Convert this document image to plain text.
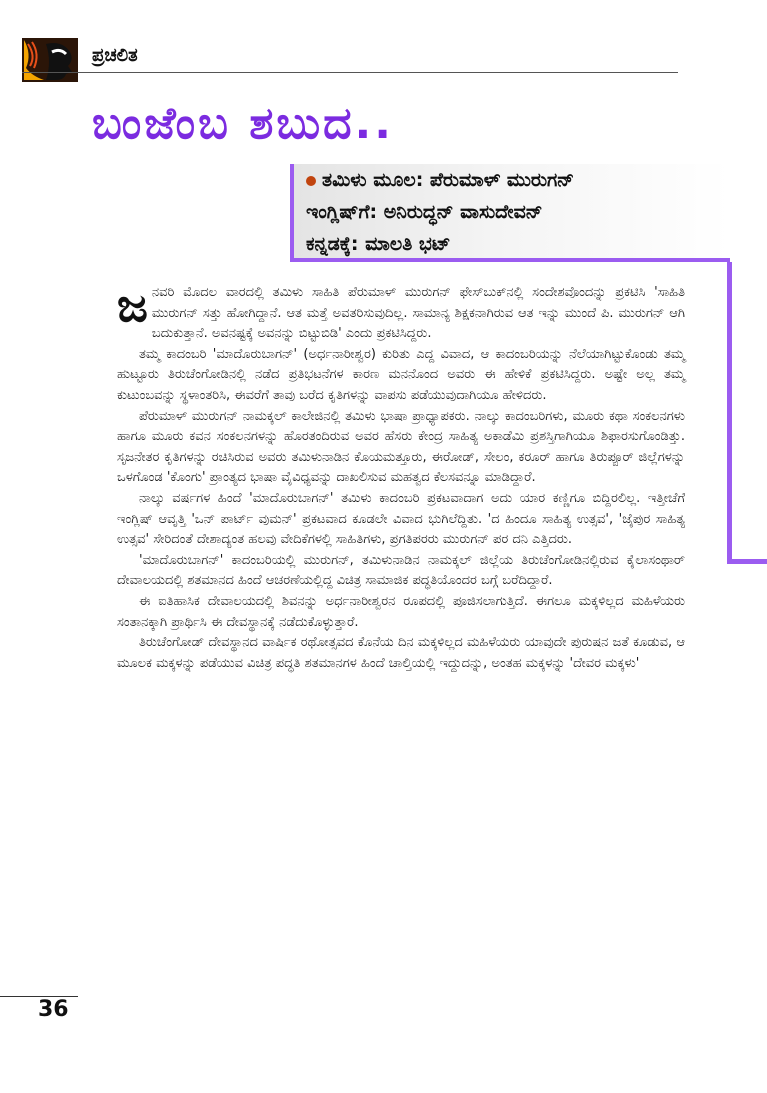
ಪ್ರಚಲಿತ
ಬಂಜೆಂಬ ಶಬುದ..
ತಮಿಳು ಮೂಲ: ಪೆರುಮಾಳ್ ಮುರುಗನ್
ಇಂಗ್ಲಿಷ್‌ಗೆ: ಅನಿರುದ್ಧನ್ ವಾಸುದೇವನ್
ಕನ್ನಡಕ್ಕೆ: ಮಾಲತಿ ಭಟ್

ಜನವರಿ ಮೊದಲ ವಾರದಲ್ಲಿ ತಮಿಳು ಸಾಹಿತಿ ಪೆರುಮಾಳ್ ಮುರುಗನ್ ಫೇಸ್‌ಬುಕ್‌ನಲ್ಲಿ ಸಂದೇಶವೊಂದನ್ನು ಪ್ರಕಟಿಸಿ 'ಸಾಹಿತಿ ಮುರುಗನ್ ಸತ್ತು ಹೋಗಿದ್ದಾನೆ. ಆತ ಮತ್ತೆ ಅವತರಿಸುವುದಿಲ್ಲ. ಸಾಮಾನ್ಯ ಶಿಕ್ಷಕನಾಗಿರುವ ಆತ ಇನ್ನು ಮುಂದೆ ಪಿ. ಮುರುಗನ್ ಆಗಿ ಬದುಕುತ್ತಾನೆ. ಅವನಷ್ಟಕ್ಕೆ ಅವನನ್ನು ಬಿಟ್ಟುಬಿಡಿ' ಎಂದು ಪ್ರಕಟಿಸಿದ್ದರು.

ತಮ್ಮ ಕಾದಂಬರಿ 'ಮಾದೊರುಬಾಗನ್' (ಅರ್ಧನಾರೀಶ್ವರ) ಕುರಿತು ಎದ್ದ ವಿವಾದ, ಆ ಕಾದಂಬರಿಯನ್ನು ನೆಲೆಯಾಗಿಟ್ಟುಕೊಂಡು ತಮ್ಮ ಹುಟ್ಟೂರು ತಿರುಚೆಂಗೋಡಿನಲ್ಲಿ ನಡೆದ ಪ್ರತಿಭಟನೆಗಳ ಕಾರಣ ಮನನೊಂದ ಅವರು ಈ ಹೇಳಿಕೆ ಪ್ರಕಟಿಸಿದ್ದರು. ಅಷ್ಟೇ ಅಲ್ಲ ತಮ್ಮ ಕುಟುಂಬವನ್ನು ಸ್ಥಳಾಂತರಿಸಿ, ಈವರೆಗೆ ತಾವು ಬರೆದ ಕೃತಿಗಳನ್ನು ವಾಪಸು ಪಡೆಯುವುದಾಗಿಯೂ ಹೇಳಿದರು.

ಪೆರುಮಾಳ್ ಮುರುಗನ್ ನಾಮಕ್ಕಲ್ ಕಾಲೇಜಿನಲ್ಲಿ ತಮಿಳು ಭಾಷಾ ಪ್ರಾಧ್ಯಾಪಕರು. ನಾಲ್ಕು ಕಾದಂಬರಿಗಳು, ಮೂರು ಕಥಾ ಸಂಕಲನಗಳು ಹಾಗೂ ಮೂರು ಕವನ ಸಂಕಲನಗಳನ್ನು ಹೊರತಂದಿರುವ ಅವರ ಹೆಸರು ಕೇಂದ್ರ ಸಾಹಿತ್ಯ ಅಕಾಡೆಮಿ ಪ್ರಶಸ್ತಿಗಾಗಿಯೂ ಶಿಫಾರಸುಗೊಂಡಿತ್ತು. ಸೃಜನೇತರ ಕೃತಿಗಳನ್ನು ರಚಿಸಿರುವ ಅವರು ತಮಿಳುನಾಡಿನ ಕೊಯಮತ್ತೂರು, ಈರೋಡ್, ಸೇಲಂ, ಕರೂರ್ ಹಾಗೂ ತಿರುಪ್ಪೂರ್ ಜಿಲ್ಲೆಗಳನ್ನು ಒಳಗೊಂಡ 'ಕೊಂಗು' ಪ್ರಾಂತ್ಯದ ಭಾಷಾ ವೈವಿಧ್ಯವನ್ನು ದಾಖಲಿಸುವ ಮಹತ್ವದ ಕೆಲಸವನ್ನೂ ಮಾಡಿದ್ದಾರೆ.

ನಾಲ್ಕು ವರ್ಷಗಳ ಹಿಂದೆ 'ಮಾದೊರುಬಾಗನ್' ತಮಿಳು ಕಾದಂಬರಿ ಪ್ರಕಟವಾದಾಗ ಅದು ಯಾರ ಕಣ್ಣಿಗೂ ಬಿದ್ದಿರಲಿಲ್ಲ. ಇತ್ತೀಚೆಗೆ ಇಂಗ್ಲಿಷ್ ಆವೃತ್ತಿ 'ಒನ್ ಪಾರ್ಟ್ ವುಮನ್' ಪ್ರಕಟವಾದ ಕೂಡಲೇ ವಿವಾದ ಭುಗಿಲೆದ್ದಿತು. 'ದ ಹಿಂದೂ ಸಾಹಿತ್ಯ ಉತ್ಸವ', 'ಜೈಪುರ ಸಾಹಿತ್ಯ ಉತ್ಸವ' ಸೇರಿದಂತೆ ದೇಶಾದ್ಯಂತ ಹಲವು ವೇದಿಕೆಗಳಲ್ಲಿ ಸಾಹಿತಿಗಳು, ಪ್ರಗತಿಪರರು ಮುರುಗನ್ ಪರ ದನಿ ಎತ್ತಿದರು.

'ಮಾದೊರುಬಾಗನ್' ಕಾದಂಬರಿಯಲ್ಲಿ ಮುರುಗನ್, ತಮಿಳುನಾಡಿನ ನಾಮಕ್ಕಲ್ ಜಿಲ್ಲೆಯ ತಿರುಚೆಂಗೋಡಿನಲ್ಲಿರುವ ಕೈಲಾಸಂಥಾರ್ ದೇವಾಲಯದಲ್ಲಿ ಶತಮಾನದ ಹಿಂದೆ ಆಚರಣೆಯಲ್ಲಿದ್ದ ವಿಚಿತ್ರ ಸಾಮಾಜಿಕ ಪದ್ಧತಿಯೊಂದರ ಬಗ್ಗೆ ಬರೆದಿದ್ದಾರೆ.

ಈ ಐತಿಹಾಸಿಕ ದೇವಾಲಯದಲ್ಲಿ ಶಿವನನ್ನು ಅರ್ಧನಾರೀಶ್ವರನ ರೂಪದಲ್ಲಿ ಪೂಜಿಸಲಾಗುತ್ತಿದೆ. ಈಗಲೂ ಮಕ್ಕಳಿಲ್ಲದ ಮಹಿಳೆಯರು ಸಂತಾನಕ್ಕಾಗಿ ಪ್ರಾರ್ಥಿಸಿ ಈ ದೇವಸ್ಥಾನಕ್ಕೆ ನಡೆದುಕೊಳ್ಳುತ್ತಾರೆ.

ತಿರುಚೆಂಗೋಡ್ ದೇವಸ್ಥಾನದ ವಾರ್ಷಿಕ ರಥೋತ್ಸವದ ಕೊನೆಯ ದಿನ ಮಕ್ಕಳಿಲ್ಲದ ಮಹಿಳೆಯರು ಯಾವುದೇ ಪುರುಷನ ಜತೆ ಕೂಡುವ, ಆ ಮೂಲಕ ಮಕ್ಕಳನ್ನು ಪಡೆಯುವ ವಿಚಿತ್ರ ಪದ್ಧತಿ ಶತಮಾನಗಳ ಹಿಂದೆ ಚಾಲ್ತಿಯಲ್ಲಿ ಇದ್ದುದನ್ನು, ಅಂತಹ ಮಕ್ಕಳನ್ನು 'ದೇವರ ಮಕ್ಕಳು'

36
